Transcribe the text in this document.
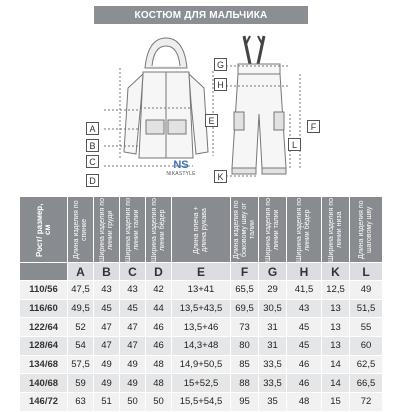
КОСТЮМ ДЛЯ МАЛЬЧИКА
A
B
C
D
E
G
H
F
L
K
NS
NIKASTYLE
Рост/ размер, см	Длина изделия по спинке	Ширина изделия по линии груди	Ширина изделия по линии талии	Ширина изделия по линии бёдер	Длина плеча + длина рукава	Длина изделия по боковому шву от талии	Ширина изделия по линии талии	Ширина изделия по линии бёдер	Ширина изделия по линии низа	Длина изделия по шаговому шву

	A	B	C	D	E	F	G	H	K	L
110/56	47,5	43	43	42	13+41	65,5	29	41,5	12,5	49
116/60	49,5	45	45	44	13,5+43,5	69,5	30,5	43	13	51,5
122/64	52	47	47	46	13,5+46	73	31	45	13	55
128/64	54	47	47	46	14,3+48	80	31	45	13	60
134/68	57,5	49	49	48	14,9+50,5	85	33,5	46	14	62,5
140/68	59	49	49	48	15+52,5	88	33,5	46	14	66,5
146/72	63	51	50	50	15,5+54,5	95	35	48	15	72
